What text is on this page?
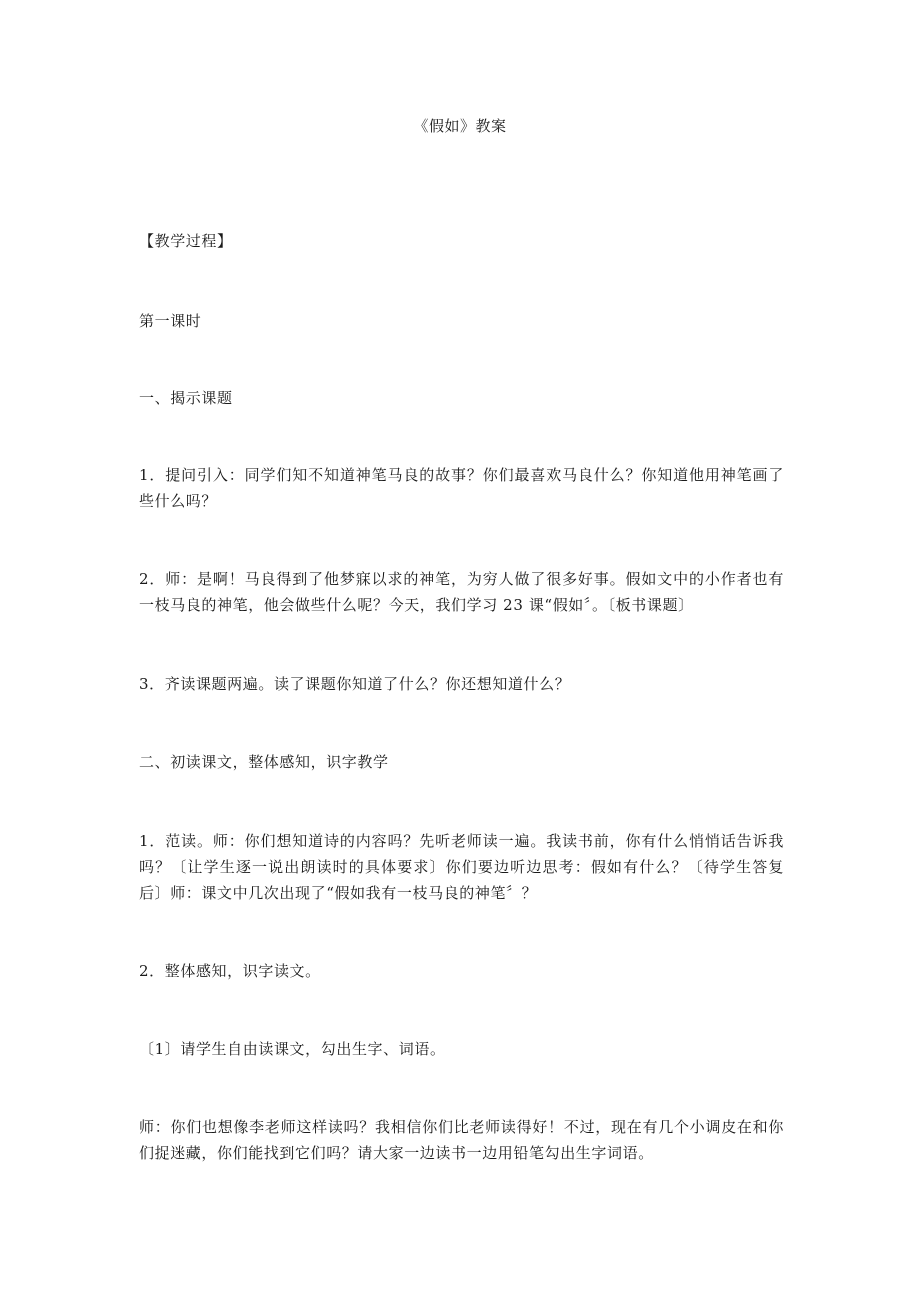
《假如》教案

【教学过程】

第一课时

一、揭示课题

1．提问引入：同学们知不知道神笔马良的故事？你们最喜欢马良什么？你知道他用神笔画了些什么吗？

2．师：是啊！马良得到了他梦寐以求的神笔，为穷人做了很多好事。假如文中的小作者也有一枝马良的神笔，他会做些什么呢？今天，我们学习 23 课“假如〞。〔板书课题〕

3．齐读课题两遍。读了课题你知道了什么？你还想知道什么？

二、初读课文，整体感知，识字教学

1．范读。师：你们想知道诗的内容吗？先听老师读一遍。我读书前，你有什么悄悄话告诉我吗？〔让学生逐一说出朗读时的具体要求〕你们要边听边思考：假如有什么？〔待学生答复后〕师：课文中几次出现了“假如我有一枝马良的神笔〞？

2．整体感知，识字读文。

〔1〕请学生自由读课文，勾出生字、词语。

师：你们也想像李老师这样读吗？我相信你们比老师读得好！不过，现在有几个小调皮在和你们捉迷藏，你们能找到它们吗？请大家一边读书一边用铅笔勾出生字词语。
